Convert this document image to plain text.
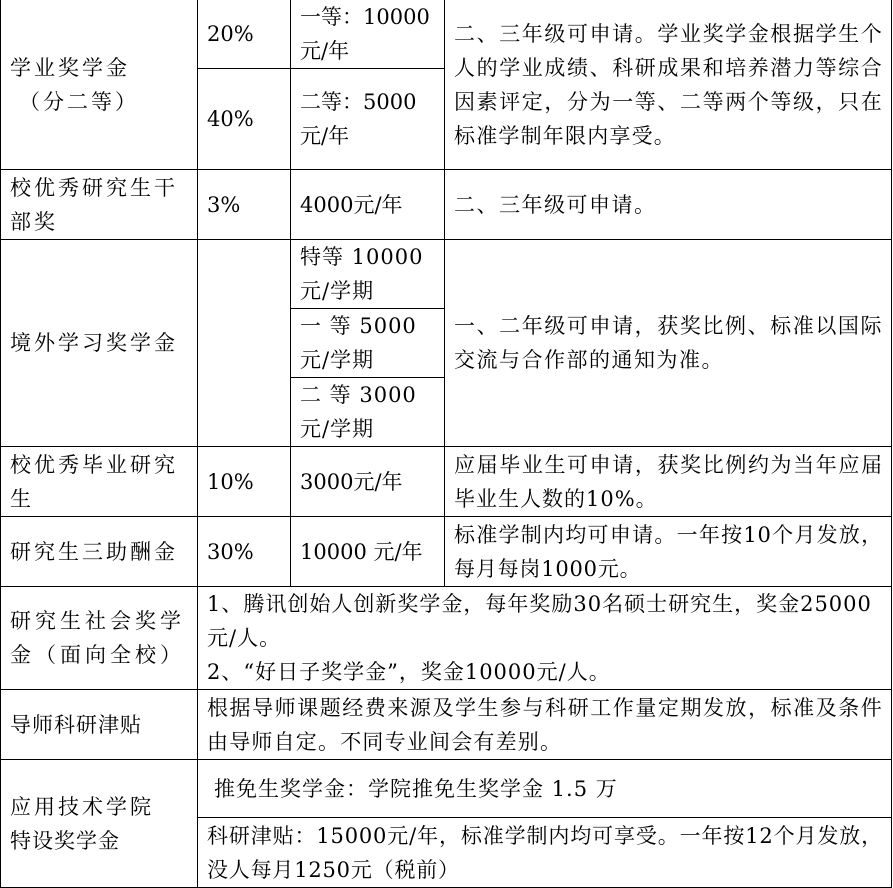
学业奖学金
（分二等）	20%	一等：10000元/年	二、三年级可申请。学业奖学金根据学生个人的学业成绩、科研成果和培养潜力等综合因素评定，分为一等、二等两个等级，只在标准学制年限内享受。
	40%	二等：5000元/年	
校优秀研究生干部奖	3%	4000元/年	二、三年级可申请。
境外学习奖学金		特等 10000元/学期	一、二年级可申请，获奖比例、标准以国际交流与合作部的通知为准。
		一 等 5000元/学期	
		二 等 3000元/学期	
校优秀毕业研究生	10%	3000元/年	应届毕业生可申请，获奖比例约为当年应届毕业生人数的10%。
研究生三助酬金	30%	10000 元/年	标准学制内均可申请。一年按10个月发放，每月每岗1000元。
研究生社会奖学金（面向全校）	1、腾讯创始人创新奖学金，每年奖励30名硕士研究生，奖金25000元/人。
2、“好日子奖学金”，奖金10000元/人。		

导师科研津贴	根据导师课题经费来源及学生参与科研工作量定期发放，标准及条件由导师自定。不同专业间会有差别。		

应用技术学院
特设奖学金	推免生奖学金：学院推免生奖学金 1.5 万		
	科研津贴：15000元/年，标准学制内均可享受。一年按12个月发放，没人每月1250元（税前）		
